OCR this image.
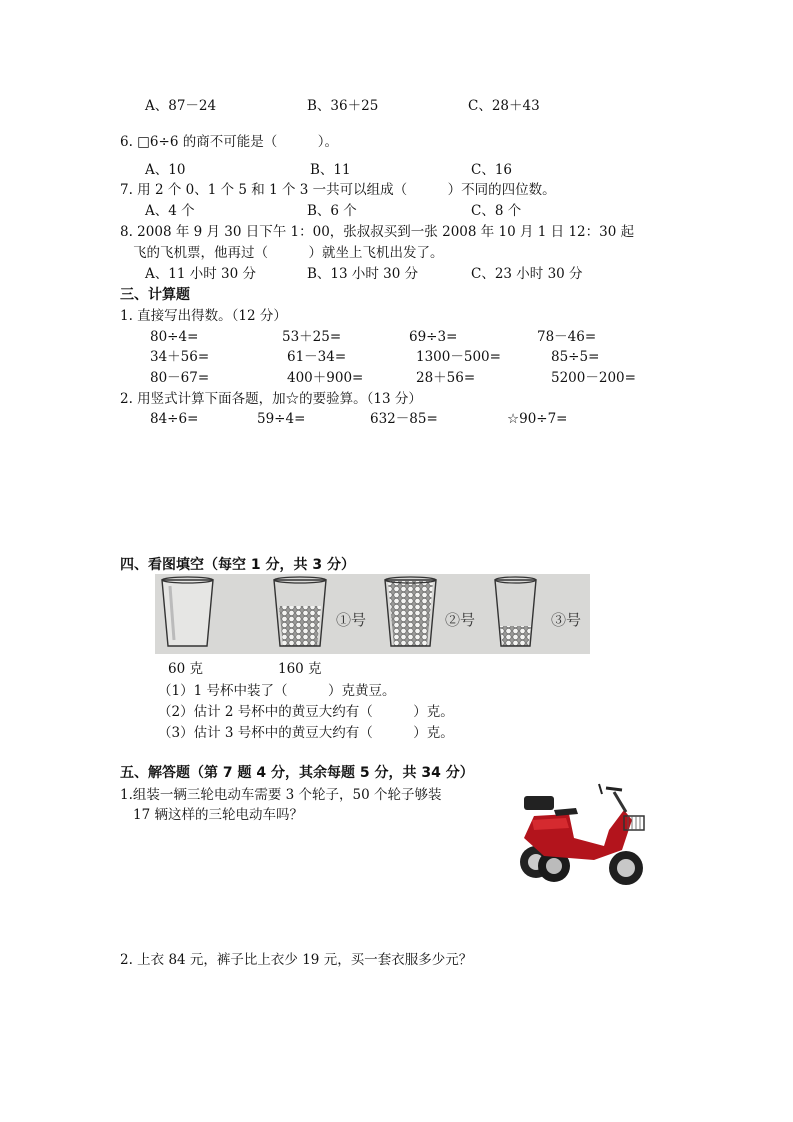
A、87－24	B、36＋25	C、28＋43
6. □6÷6 的商不可能是（　　　）。
A、10	B、11	C、16
7. 用 2 个 0、1 个 5 和 1 个 3 一共可以组成（　　　）不同的四位数。
A、4 个	B、6 个	C、8 个
8. 2008 年 9 月 30 日下午 1：00，张叔叔买到一张 2008 年 10 月 1 日 12：30 起
飞的飞机票，他再过（　　　）就坐上飞机出发了。
A、11 小时 30 分	B、13 小时 30 分	C、23 小时 30 分
三、计算题
1. 直接写出得数。（12 分）
80÷4=	53＋25=	69÷3=	78－46=
34＋56=	61－34=	1300－500=	85÷5=
80－67=	400＋900=	28＋56=	5200－200=
2. 用竖式计算下面各题，加☆的要验算。（13 分）
84÷6=	59÷4=	632－85=	☆90÷7=
四、看图填空（每空 1 分，共 3 分）
①号	②号	③号
60 克	160 克
（1）1 号杯中装了（　　　）克黄豆。
（2）估计 2 号杯中的黄豆大约有（　　　）克。
（3）估计 3 号杯中的黄豆大约有（　　　）克。
五、解答题（第 7 题 4 分，其余每题 5 分，共 34 分）
1.组装一辆三轮电动车需要 3 个轮子，50 个轮子够装
17 辆这样的三轮电动车吗？
2. 上衣 84 元，裤子比上衣少 19 元，买一套衣服多少元？
